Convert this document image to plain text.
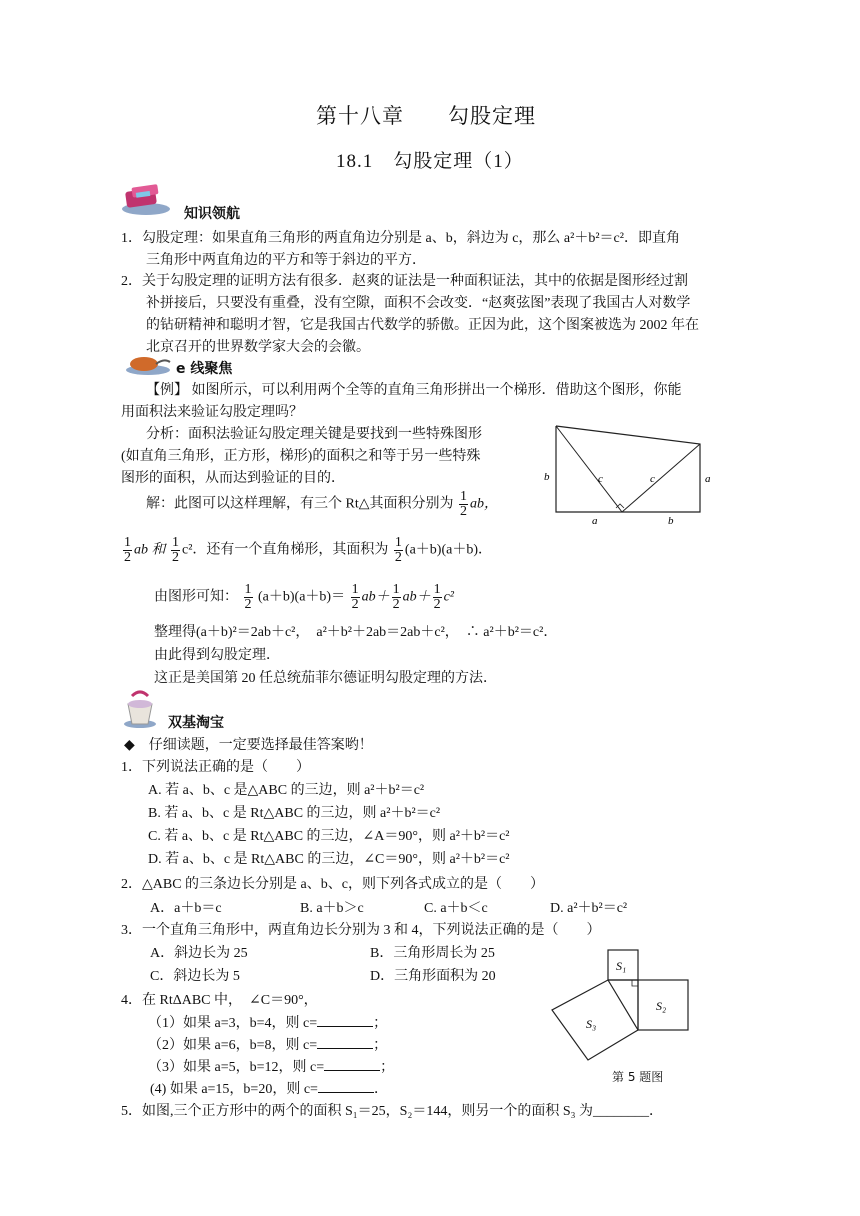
第十八章　　勾股定理
18.1　勾股定理（1）
知识领航
1．勾股定理：如果直角三角形的两直角边分别是 a、b，斜边为 c，那么 a²＋b²＝c²．即直角
三角形中两直角边的平方和等于斜边的平方．
2．关于勾股定理的证明方法有很多．赵爽的证法是一种面积证法，其中的依据是图形经过割
补拼接后，只要没有重叠，没有空隙，面积不会改变．“赵爽弦图”表现了我国古人对数学
的钻研精神和聪明才智，它是我国古代数学的骄傲。正因为此，这个图案被选为 2002 年在
北京召开的世界数学家大会的会徽。
e 线聚焦
【例】 如图所示，可以利用两个全等的直角三角形拼出一个梯形．借助这个图形，你能
用面积法来验证勾股定理吗？
分析：面积法验证勾股定理关键是要找到一些特殊图形
(如直角三角形，正方形，梯形)的面积之和等于另一些特殊
图形的面积，从而达到验证的目的．	b	a
c	c
a	b
解：此图可以这样理解，有三个 Rt△其面积分别为 $\frac{1}{2}$ ab，
$\frac{1}{2}$ ab 和 $\frac{1}{2} c^2$．还有一个直角梯形，其面积为 $\frac{1}{2} (a+b)(a+b)$．
由图形可知： $\frac{1}{2} (a+b)(a+b)= \frac{1}{2} ab+ \frac{1}{2} ab+ \frac{1}{2} c^2$
整理得(a＋b)²＝2ab＋c²，　a²＋b²＋2ab＝2ab＋c²，　∴ a²＋b²＝c²．
由此得到勾股定理．
这正是美国第 20 任总统茄菲尔德证明勾股定理的方法．
双基淘宝
◆　仔细读题，一定要选择最佳答案哟！
1．下列说法正确的是（　　）
A. 若 a、b、c 是△ABC 的三边，则 a²＋b²＝c²
B. 若 a、b、c 是 Rt△ABC 的三边，则 a²＋b²＝c²
C. 若 a、b、c 是 Rt△ABC 的三边，∠A＝90°，则 a²＋b²＝c²
D. 若 a、b、c 是 Rt△ABC 的三边，∠C＝90°，则 a²＋b²＝c²
2．△ABC 的三条边长分别是 a、b、c，则下列各式成立的是（　　）
A．a＋b＝c	B. a＋b＞c	C. a＋b＜c	D. a²＋b²＝c²
3．一个直角三角形中，两直角边长分别为 3 和 4，下列说法正确的是（　　）
A．斜边长为 25	B．三角形周长为 25
C．斜边长为 5	D．三角形面积为 20
4．在 RtΔABC 中，　∠C＝90°，
（1）如果 a=3，b=4，则 c=	；
（2）如果 a=6，b=8，则 c=	；
（3）如果 a=5，b=12，则 c=	；
(4) 如果 a=15，b=20，则 c=	．
5．如图,三个正方形中的两个的面积 S₁＝25，S₂＝144，则另一个的面积 S₃ 为________．
S₁
S₂
S₃
第 5 题图
